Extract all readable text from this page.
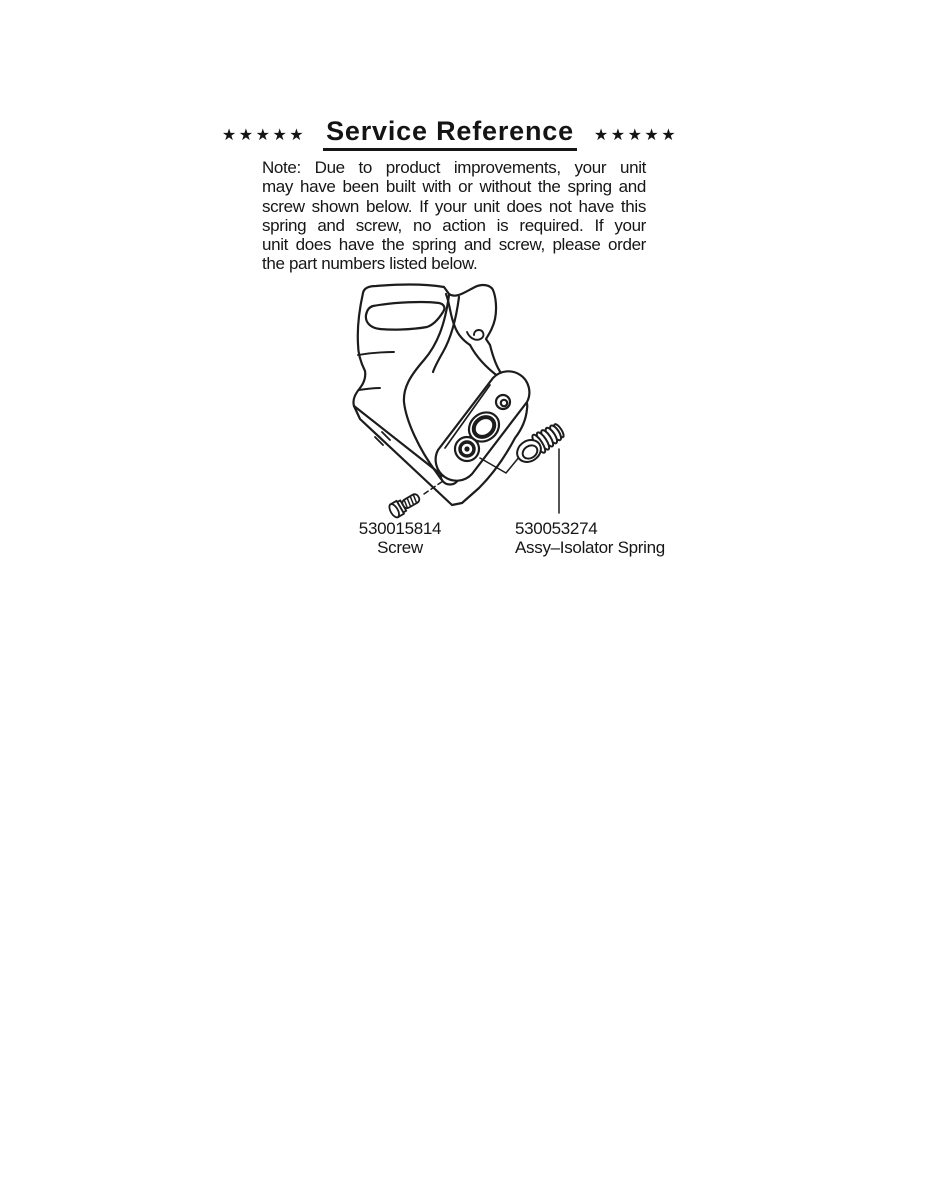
★★★★★ Service Reference ★★★★★
Note: Due to product improvements, your unit
may have been built with or without the spring and
screw shown below. If your unit does not have this
spring and screw, no action is required. If your
unit does have the spring and screw, please order
the part numbers listed below.
530015814
Screw
530053274
Assy–Isolator Spring
